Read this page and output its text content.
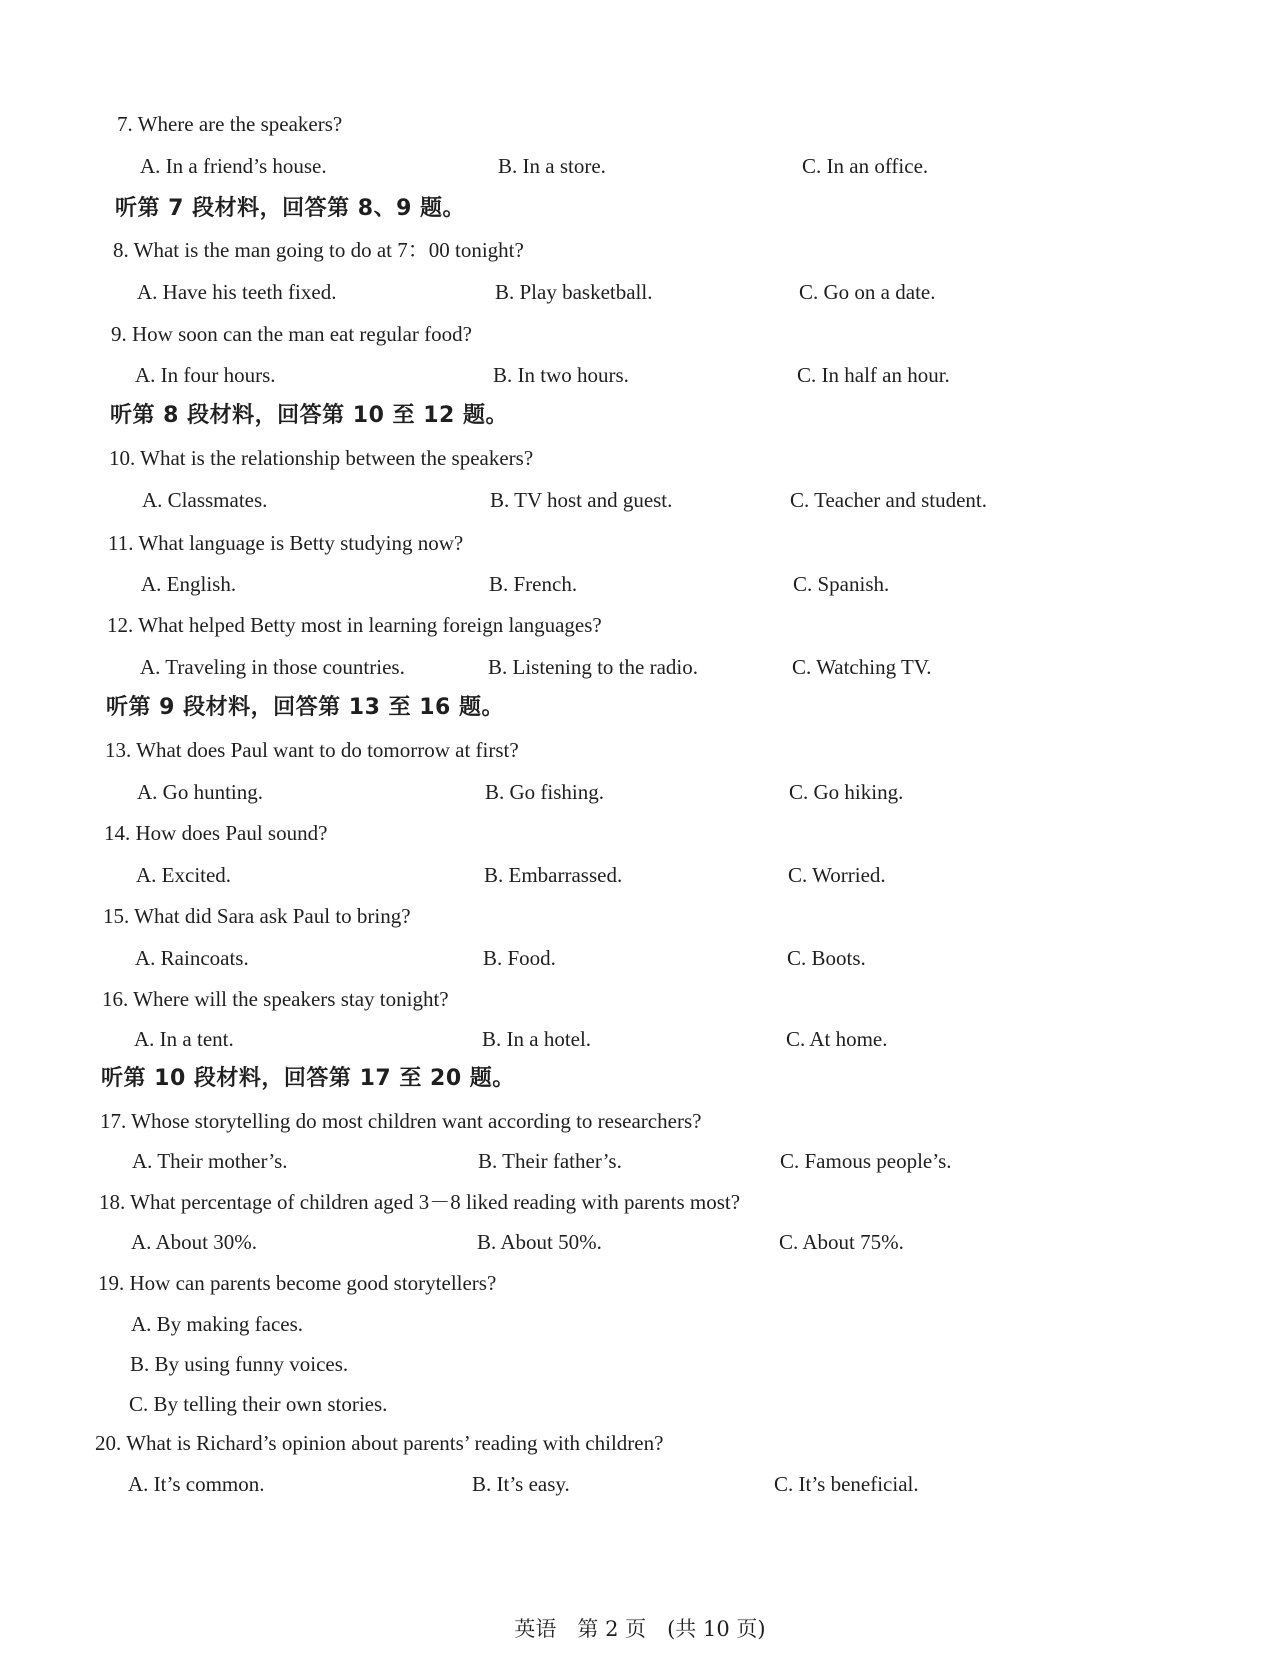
7. Where are the speakers?
A. In a friend’s house.	B. In a store.	C. In an office.
听第 7 段材料，回答第 8、9 题。
8. What is the man going to do at 7：00 tonight?
A. Have his teeth fixed.	B. Play basketball.	C. Go on a date.
9. How soon can the man eat regular food?
A. In four hours.	B. In two hours.	C. In half an hour.
听第 8 段材料，回答第 10 至 12 题。
10. What is the relationship between the speakers?
A. Classmates.	B. TV host and guest.	C. Teacher and student.
11. What language is Betty studying now?
A. English.	B. French.	C. Spanish.
12. What helped Betty most in learning foreign languages?
A. Traveling in those countries.	B. Listening to the radio.	C. Watching TV.
听第 9 段材料，回答第 13 至 16 题。
13. What does Paul want to do tomorrow at first?
A. Go hunting.	B. Go fishing.	C. Go hiking.
14. How does Paul sound?
A. Excited.	B. Embarrassed.	C. Worried.
15. What did Sara ask Paul to bring?
A. Raincoats.	B. Food.	C. Boots.
16. Where will the speakers stay tonight?
A. In a tent.	B. In a hotel.	C. At home.
听第 10 段材料，回答第 17 至 20 题。
17. Whose storytelling do most children want according to researchers?
A. Their mother’s.	B. Their father’s.	C. Famous people’s.
18. What percentage of children aged 3－8 liked reading with parents most?
A. About 30%.	B. About 50%.	C. About 75%.
19. How can parents become good storytellers?
A. By making faces.
B. By using funny voices.
C. By telling their own stories.
20. What is Richard’s opinion about parents’ reading with children?
A. It’s common.	B. It’s easy.	C. It’s beneficial.
英语　第 2 页　(共 10 页)
